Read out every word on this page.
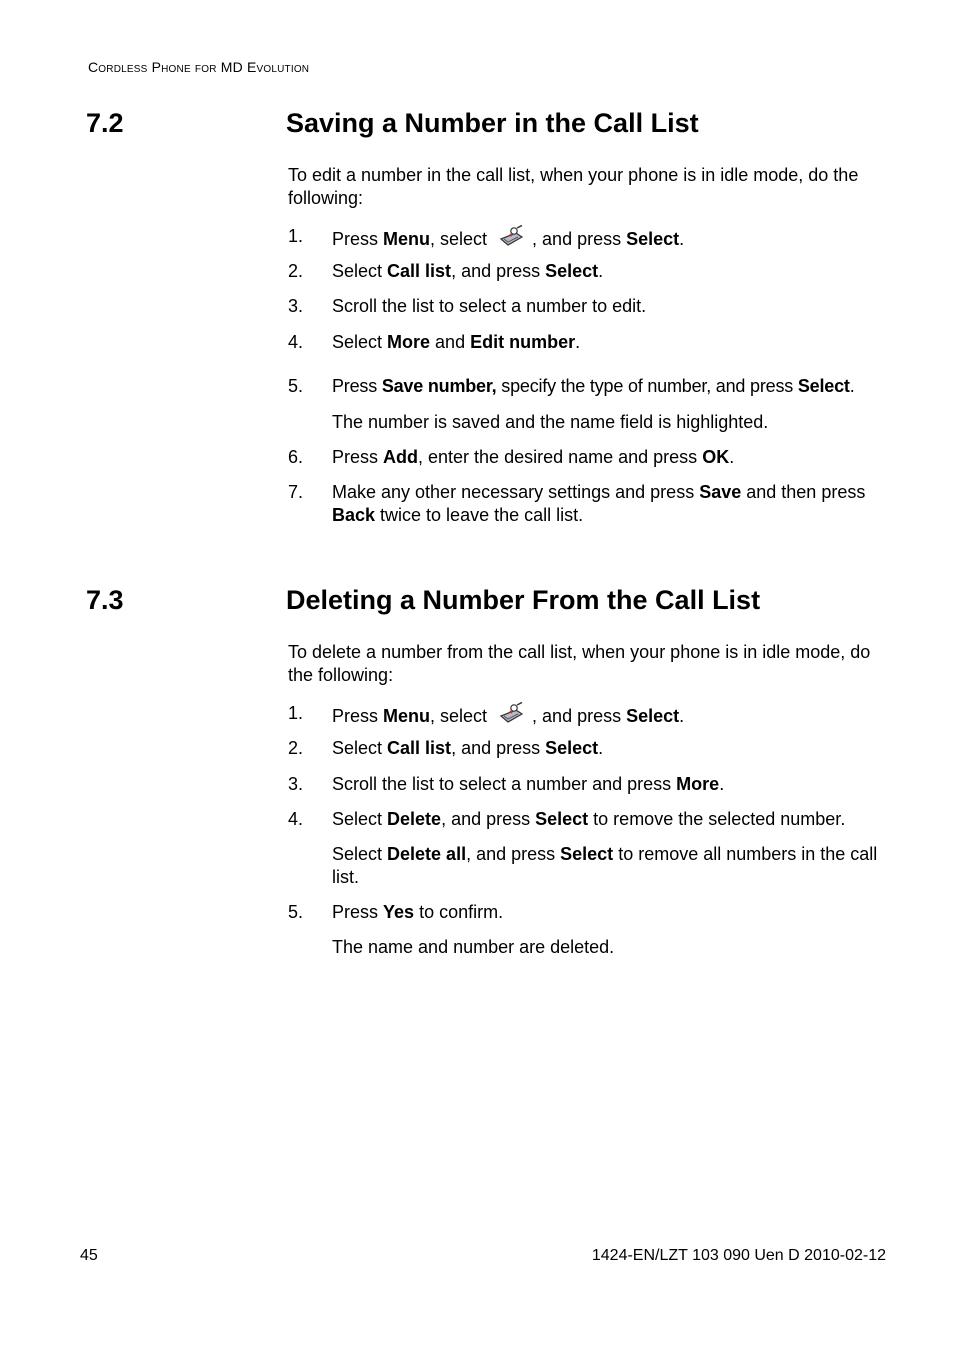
Cordless Phone for MD Evolution
7.2	Saving a Number in the Call List
To edit a number in the call list, when your phone is in idle mode, do the following:
1. Press Menu, select , and press Select.
2. Select Call list, and press Select.
3. Scroll the list to select a number to edit.
4. Select More and Edit number.
5. Press Save number, specify the type of number, and press Select.
The number is saved and the name field is highlighted.
6. Press Add, enter the desired name and press OK.
7. Make any other necessary settings and press Save and then press Back twice to leave the call list.
7.3	Deleting a Number From the Call List
To delete a number from the call list, when your phone is in idle mode, do the following:
1. Press Menu, select , and press Select.
2. Select Call list, and press Select.
3. Scroll the list to select a number and press More.
4. Select Delete, and press Select to remove the selected number.
Select Delete all, and press Select to remove all numbers in the call list.
5. Press Yes to confirm.
The name and number are deleted.
45	1424-EN/LZT 103 090 Uen D 2010-02-12
